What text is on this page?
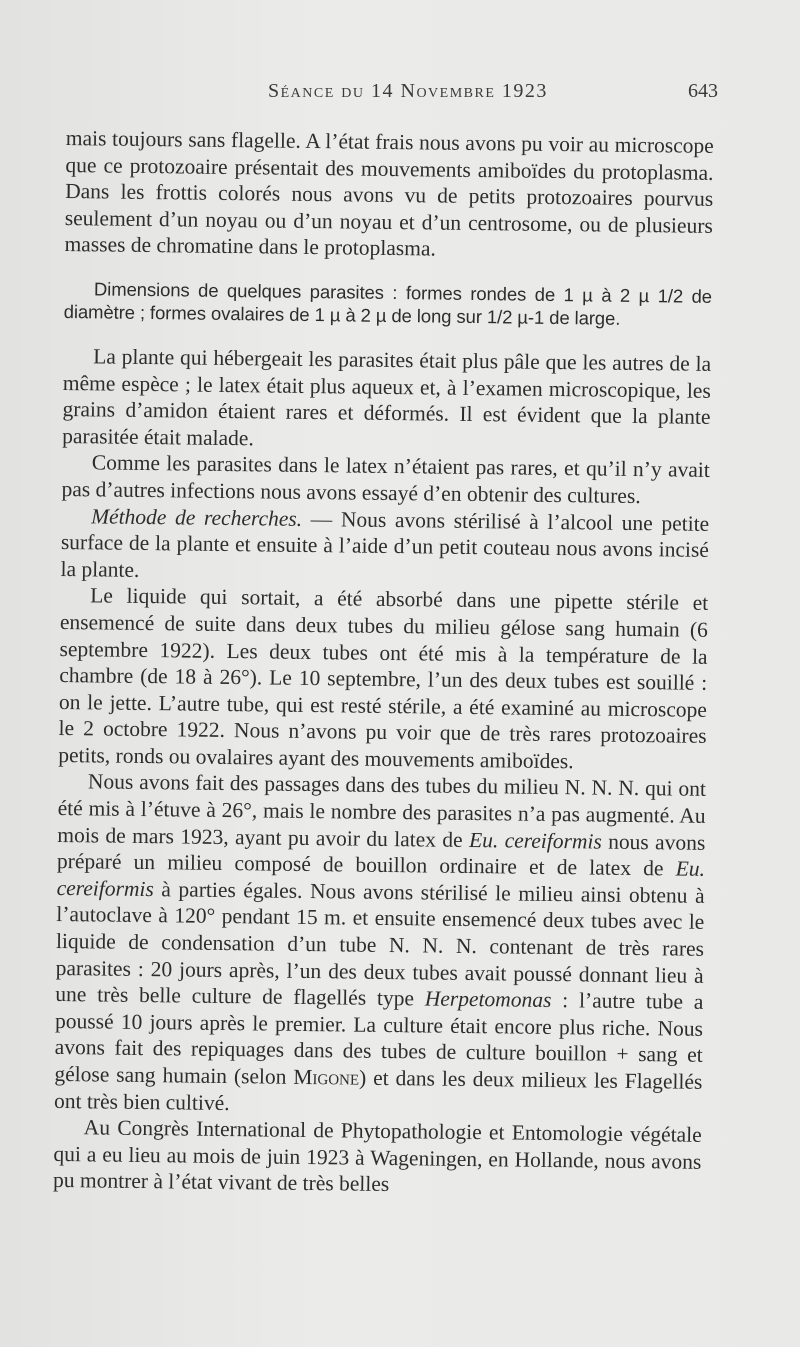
Séance du 14 Novembre 1923	643

mais toujours sans flagelle. A l’état frais nous avons pu voir au microscope que ce protozoaire présentait des mouvements amiboïdes du protoplasma. Dans les frottis colorés nous avons vu de petits protozoaires pourvus seulement d’un noyau ou d’un noyau et d’un centrosome, ou de plusieurs masses de chromatine dans le protoplasma.

Dimensions de quelques parasites : formes rondes de 1 µ à 2 µ 1/2 de diamètre ; formes ovalaires de 1 µ à 2 µ de long sur 1/2 µ-1 de large.

La plante qui hébergeait les parasites était plus pâle que les autres de la même espèce ; le latex était plus aqueux et, à l’examen microscopique, les grains d’amidon étaient rares et déformés. Il est évident que la plante parasitée était malade.

Comme les parasites dans le latex n’étaient pas rares, et qu’il n’y avait pas d’autres infections nous avons essayé d’en obtenir des cultures.

Méthode de recherches. — Nous avons stérilisé à l’alcool une petite surface de la plante et ensuite à l’aide d’un petit couteau nous avons incisé la plante.

Le liquide qui sortait, a été absorbé dans une pipette stérile et ensemencé de suite dans deux tubes du milieu gélose sang humain (6 septembre 1922). Les deux tubes ont été mis à la température de la chambre (de 18 à 26°). Le 10 septembre, l’un des deux tubes est souillé : on le jette. L’autre tube, qui est resté stérile, a été examiné au microscope le 2 octobre 1922. Nous n’avons pu voir que de très rares protozoaires petits, ronds ou ovalaires ayant des mouvements amiboïdes.

Nous avons fait des passages dans des tubes du milieu N. N. N. qui ont été mis à l’étuve à 26°, mais le nombre des parasites n’a pas augmenté. Au mois de mars 1923, ayant pu avoir du latex de Eu. cereiformis nous avons préparé un milieu composé de bouillon ordinaire et de latex de Eu. cereiformis à parties égales. Nous avons stérilisé le milieu ainsi obtenu à l’autoclave à 120° pendant 15 m. et ensuite ensemencé deux tubes avec le liquide de condensation d’un tube N. N. N. contenant de très rares parasites : 20 jours après, l’un des deux tubes avait poussé donnant lieu à une très belle culture de flagellés type Herpetomonas : l’autre tube a poussé 10 jours après le premier. La culture était encore plus riche. Nous avons fait des repiquages dans des tubes de culture bouillon + sang et gélose sang humain (selon Migone) et dans les deux milieux les Flagellés ont très bien cultivé.

Au Congrès International de Phytopathologie et Entomologie végétale qui a eu lieu au mois de juin 1923 à Wageningen, en Hollande, nous avons pu montrer à l’état vivant de très belles
